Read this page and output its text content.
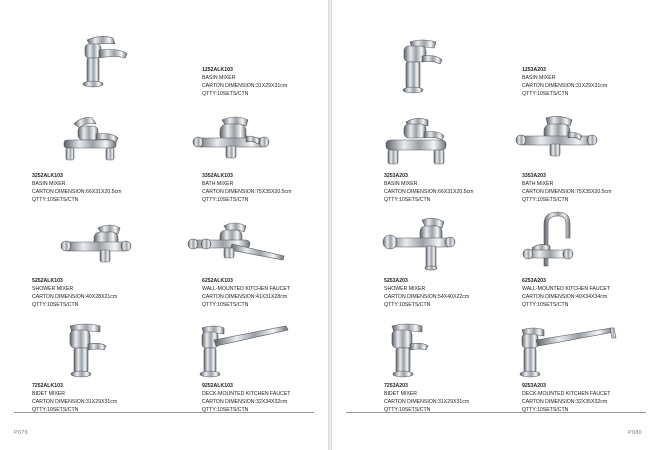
1252ALK103
BASIN MIXER
CARTON DIMENSION:31X29X31cm
QTTY:10SETS/CTN
3252ALK103
BASIN MIXER
CARTON DIMENSION:66X31X20.5cm
QTTY:10SETS/CTN
3352ALK103
BATH MIXER
CARTON DIMENSION:75X35X20.5cm
QTTY:10SETS/CTN
5252ALK103
SHOWER MIXER
CARTON DIMENSION:40X28X21cm
QTTY:10SETS/CTN
6252ALK103
WALL-MOUNTED KITCHEN FAUCET
CARTON DIMENSION:41X31X28cm
QTTY:10SETS/CTN
7252ALK103
BIDET MIXER
CARTON DIMENSION:31X29X31cm
QTTY:10SETS/CTN
9252ALK103
DECK-MOUNTED KITCHEN FAUCET
CARTON DIMENSION:32X34X32cm
QTTY:10SETS/CTN
P079
1253A203
BASIN MIXER
CARTON DIMENSION:31X29X31cm
QTTY:10SETS/CTN
3253A203
BASIN MIXER
CARTON DIMENSION:66X31X20.5cm
QTTY:10SETS/CTN
3353A203
BATH MIXER
CARTON DIMENSION:75X35X20.5cm
QTTY:10SETS/CTN
5253A203
SHOWER MIXER
CARTON DIMENSION:54X40X22cm
QTTY:10SETS/CTN
6253A203
WALL-MOUNTED KITCHEN FAUCET
CARTON DIMENSION:40X34X34cm
QTTY:10SETS/CTN
7253A203
BIDET MIXER
CARTON DIMENSION:31X29X31cm
QTTY:10SETS/CTN
9253A203
DECK-MOUNTED KITCHEN FAUCET
CARTON DIMENSION:32X35X32cm
QTTY:10SETS/CTN
P080
